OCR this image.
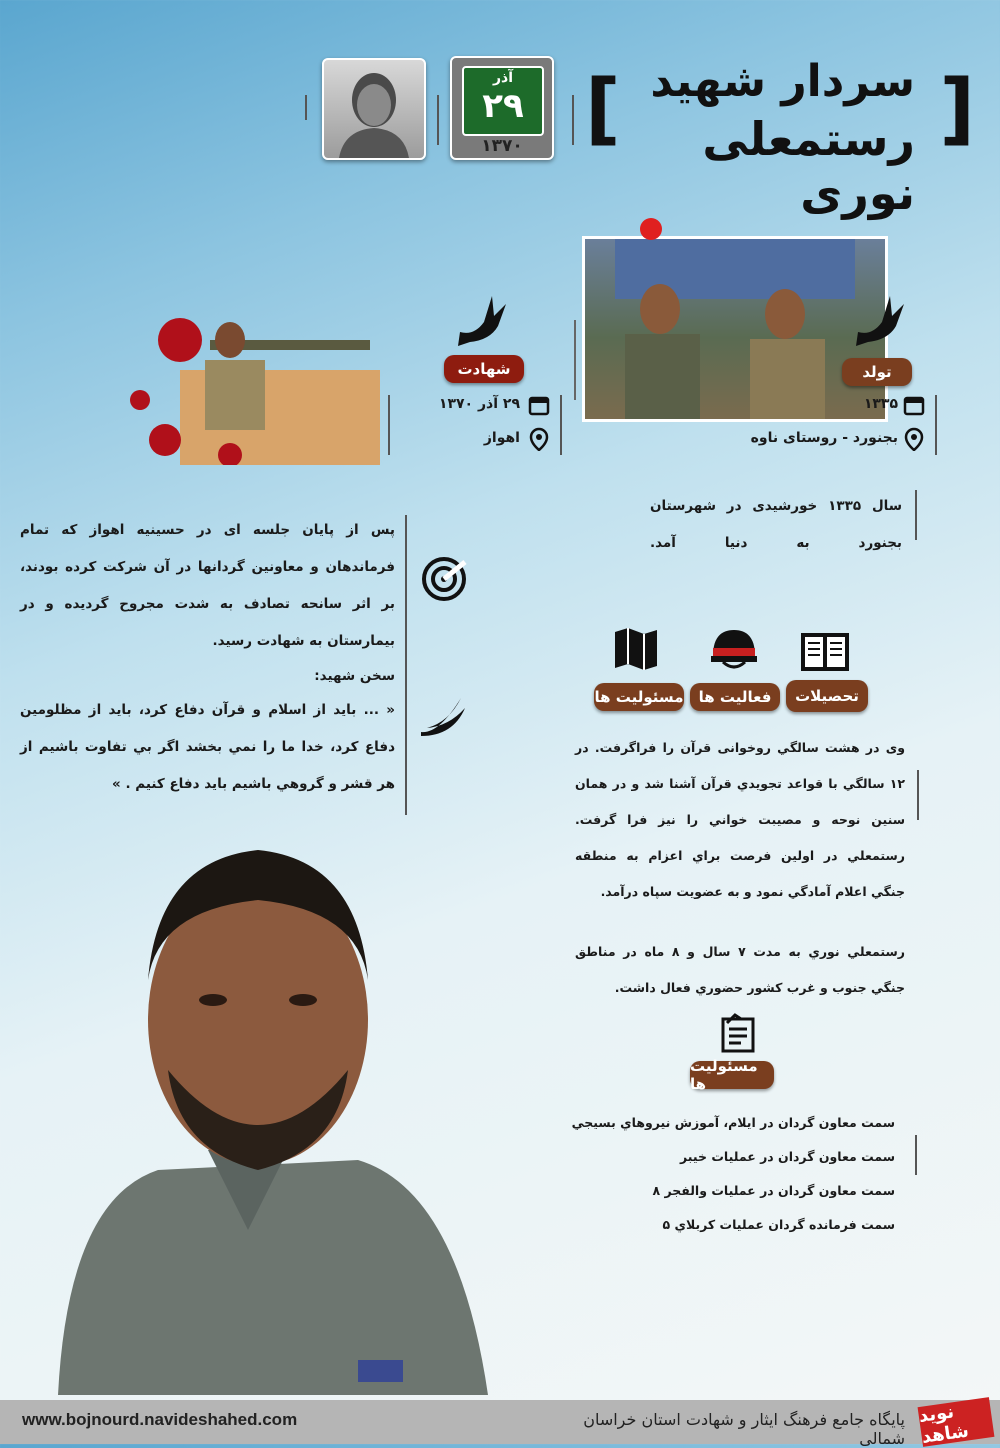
[
] سردار شهید
رستمعلی نوری
آذر
۲۹
۱۳۷۰
تولد
۱۳۳۵
بجنورد - روستای ناوه
سال ۱۳۳۵ خورشیدی در شهرستان بجنورد به دنیا آمد.
شهادت
۲۹ آذر ۱۳۷۰
اهواز
پس از پایان جلسه ای در حسینیه اهواز که تمام فرماندهان و معاونین گردانها در آن شرکت کرده بودند، بر اثر سانحه تصادف به شدت مجروح گردیده و در بیمارستان به شهادت رسید.
سخن شهید:
« ... باید از اسلام و قرآن دفاع کرد، باید از مظلومین دفاع کرد، خدا ما را نمي بخشد اگر بي تفاوت باشيم از هر قشر و گروهي باشيم بايد دفاع كنيم . »
مسئولیت ها	فعالیت ها	تحصیلات
وی در هشت سالگي روخوانی قرآن را فراگرفت. در ۱۲ سالگي با قواعد تجويدي قرآن آشنا شد و در همان سنين نوحه و مصيبت خواني را نيز فرا گرفت. رستمعلي در اولين فرصت براي اعزام به منطقه جنگي اعلام آمادگي نمود و به عضويت سپاه درآمد.
رستمعلي نوري به مدت ۷ سال و ۸ ماه در مناطق جنگي جنوب و غرب كشور حضوري فعال داشت.
مسئولیت ها
سمت معاون گردان در ايلام، آموزش نيروهاي بسيجي
سمت معاون گردان در عمليات خيبر
سمت معاون گردان در عمليات والفجر ۸
سمت فرمانده گردان عمليات كربلاي ۵
www.bojnourd.navideshahed.com	پایگاه جامع فرهنگ ایثار و شهادت استان خراسان شمالی
نوید شاهد
